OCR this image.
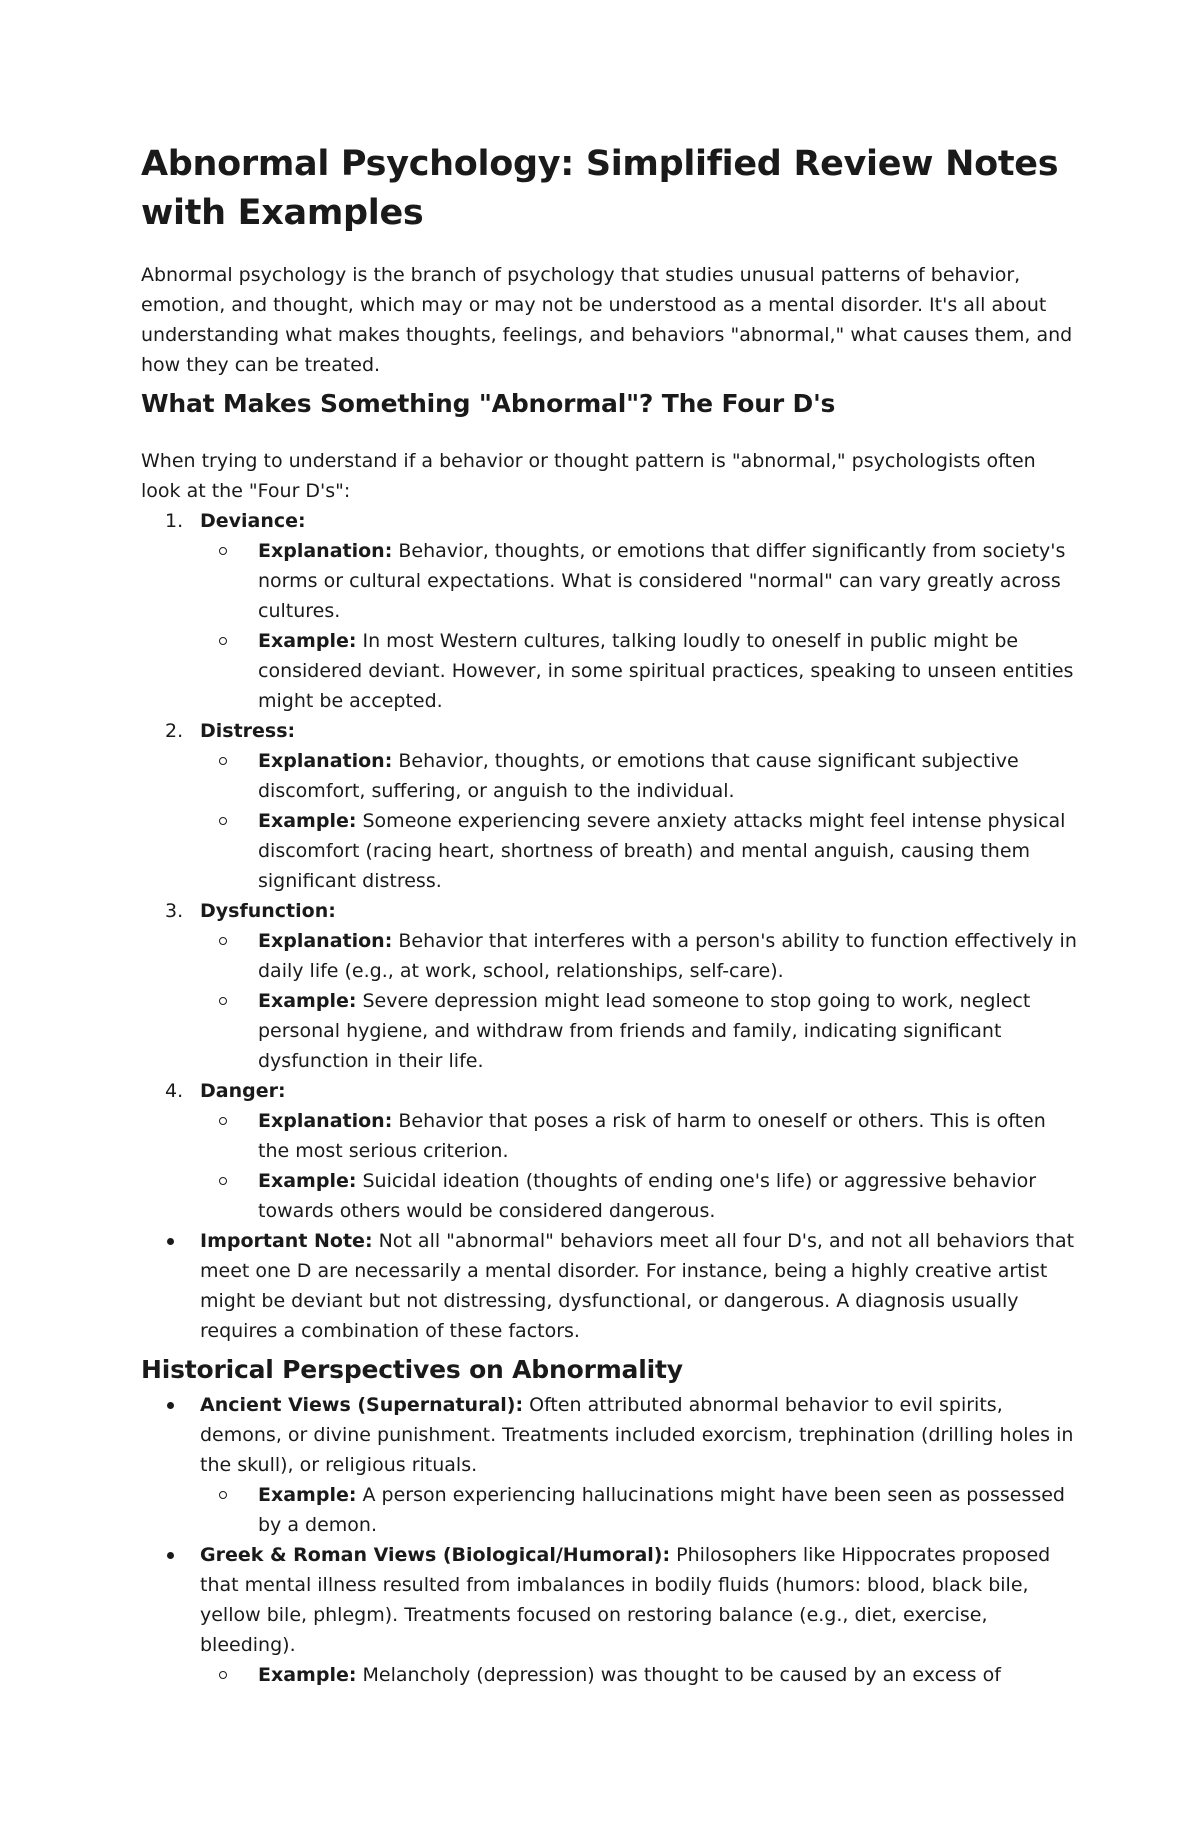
Abnormal Psychology: Simplified Review Notes with Examples

Abnormal psychology is the branch of psychology that studies unusual patterns of behavior, emotion, and thought, which may or may not be understood as a mental disorder. It's all about understanding what makes thoughts, feelings, and behaviors "abnormal," what causes them, and how they can be treated.

What Makes Something "Abnormal"? The Four D's

When trying to understand if a behavior or thought pattern is "abnormal," psychologists often look at the "Four D's":

1. Deviance:
Explanation: Behavior, thoughts, or emotions that differ significantly from society's norms or cultural expectations. What is considered "normal" can vary greatly across cultures.
Example: In most Western cultures, talking loudly to oneself in public might be considered deviant. However, in some spiritual practices, speaking to unseen entities might be accepted.
2. Distress:
Explanation: Behavior, thoughts, or emotions that cause significant subjective discomfort, suffering, or anguish to the individual.
Example: Someone experiencing severe anxiety attacks might feel intense physical discomfort (racing heart, shortness of breath) and mental anguish, causing them significant distress.
3. Dysfunction:
Explanation: Behavior that interferes with a person's ability to function effectively in daily life (e.g., at work, school, relationships, self-care).
Example: Severe depression might lead someone to stop going to work, neglect personal hygiene, and withdraw from friends and family, indicating significant dysfunction in their life.
4. Danger:
Explanation: Behavior that poses a risk of harm to oneself or others. This is often the most serious criterion.
Example: Suicidal ideation (thoughts of ending one's life) or aggressive behavior towards others would be considered dangerous.
Important Note: Not all "abnormal" behaviors meet all four D's, and not all behaviors that meet one D are necessarily a mental disorder. For instance, being a highly creative artist might be deviant but not distressing, dysfunctional, or dangerous. A diagnosis usually requires a combination of these factors.
Historical Perspectives on Abnormality
Ancient Views (Supernatural): Often attributed abnormal behavior to evil spirits, demons, or divine punishment. Treatments included exorcism, trephination (drilling holes in the skull), or religious rituals.
Example: A person experiencing hallucinations might have been seen as possessed by a demon.
Greek & Roman Views (Biological/Humoral): Philosophers like Hippocrates proposed that mental illness resulted from imbalances in bodily fluids (humors: blood, black bile, yellow bile, phlegm). Treatments focused on restoring balance (e.g., diet, exercise, bleeding).
Example: Melancholy (depression) was thought to be caused by an excess of
